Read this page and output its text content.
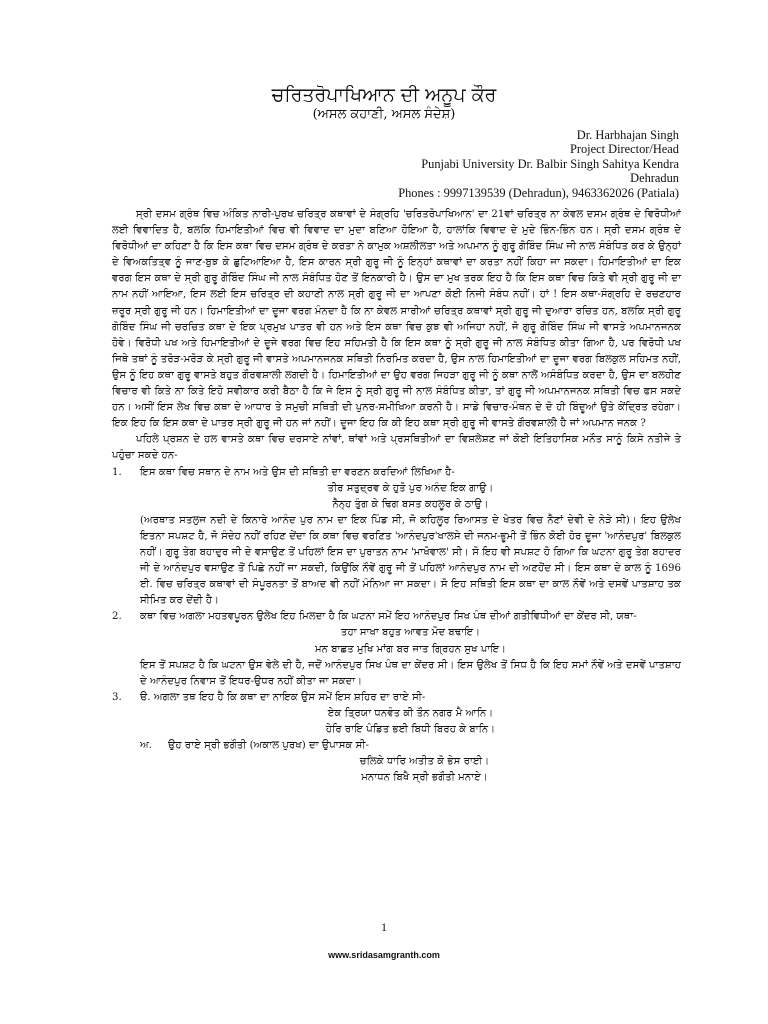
ਚਰਿਤਰੋਪਾਖਿਆਨ ਦੀ ਅਨੂਪ ਕੌਰ
(ਅਸਲ ਕਹਾਣੀ, ਅਸਲ ਸੰਦੇਸ਼)
Dr. Harbhajan Singh
Project Director/Head
Punjabi University Dr. Balbir Singh Sahitya Kendra
Dehradun
Phones : 9997139539 (Dehradun), 9463362026 (Patiala)

ਸ੍ਰੀ ਦਸਮ ਗ੍ਰੰਥ ਵਿਚ ਅੰਕਿਤ ਨਾਰੀ-ਪੁਰਖ ਚਰਿਤ੍ਰ ਕਥਾਵਾਂ ਦੇ ਸੰਗ੍ਰਹਿ 'ਚਰਿਤਰੋਪਾਖਿਆਨ' ਦਾ 21ਵਾਂ ਚਰਿਤ੍ਰ ਨਾ ਕੇਵਲ ਦਸਮ ਗ੍ਰੰਥ ਦੇ ਵਿਰੋਧੀਆਂ ਲਈ ਵਿਵਾਦਿਤ ਹੈ, ਬਲਕਿ ਹਿਮਾਇਤੀਆਂ ਵਿਚ ਵੀ ਵਿਵਾਦ ਦਾ ਮੁਦਾ ਬਣਿਆ ਹੋਇਆ ਹੈ, ਹਾਲਾਂਕਿ ਵਿਵਾਦ ਦੇ ਮੁਦੇ ਭਿੰਨ-ਭਿੰਨ ਹਨ। ਸ੍ਰੀ ਦਸਮ ਗ੍ਰੰਥ ਦੇ ਵਿਰੋਧੀਆਂ ਦਾ ਕਹਿਣਾ ਹੈ ਕਿ ਇਸ ਕਥਾ ਵਿਚ ਦਸਮ ਗ੍ਰੰਥ ਦੇ ਕਰਤਾ ਨੇ ਕਾਮੁਕ ਅਸ਼ਲੀਲਤਾ ਅਤੇ ਅਪਮਾਨ ਨੂੰ ਗੁਰੂ ਗੋਬਿੰਦ ਸਿੰਘ ਜੀ ਨਾਲ ਸੰਬੰਧਿਤ ਕਰ ਕੇ ਉਨ੍ਹਾਂ ਦੇ ਵਿਅਕਤਿਤ੍ਵ ਨੂੰ ਜਾਣ-ਬੁਝ ਕੇ ਛੁਟਿਆਇਆ ਹੈ, ਇਸ ਕਾਰਨ ਸ੍ਰੀ ਗੁਰੂ ਜੀ ਨੂੰ ਇਨ੍ਹਾਂ ਕਥਾਵਾਂ ਦਾ ਕਰਤਾ ਨਹੀਂ ਕਿਹਾ ਜਾ ਸਕਦਾ। ਹਿਮਾਇਤੀਆਂ ਦਾ ਇਕ ਵਰਗ ਇਸ ਕਥਾ ਦੇ ਸ੍ਰੀ ਗੁਰੂ ਗੋਬਿੰਦ ਸਿੰਘ ਜੀ ਨਾਲ ਸੰਬੰਧਿਤ ਹੋਣ ਤੋਂ ਇਨਕਾਰੀ ਹੈ। ਉਸ ਦਾ ਮੁਖ ਤਰਕ ਇਹ ਹੈ ਕਿ ਇਸ ਕਥਾ ਵਿਚ ਕਿਤੇ ਵੀ ਸ੍ਰੀ ਗੁਰੂ ਜੀ ਦਾ ਨਾਮ ਨਹੀਂ ਆਇਆ, ਇਸ ਲਈ ਇਸ ਚਰਿਤ੍ਰ ਦੀ ਕਹਾਣੀ ਨਾਲ ਸ੍ਰੀ ਗੁਰੂ ਜੀ ਦਾ ਆਪਣਾ ਕੋਈ ਨਿਜੀ ਸੰਬੰਧ ਨਹੀਂ। ਹਾਂ ! ਇਸ ਕਥਾ-ਸੰਗ੍ਰਹਿ ਦੇ ਰਚਣਹਾਰ ਜ਼ਰੂਰ ਸ੍ਰੀ ਗੁਰੂ ਜੀ ਹਨ। ਹਿਮਾਇਤੀਆਂ ਦਾ ਦੂਜਾ ਵਰਗ ਮੰਨਦਾ ਹੈ ਕਿ ਨਾ ਕੇਵਲ ਸਾਰੀਆਂ ਚਰਿਤ੍ਰ ਕਥਾਵਾਂ ਸ੍ਰੀ ਗੁਰੂ ਜੀ ਦੁਆਰਾ ਰਚਿਤ ਹਨ, ਬਲਕਿ ਸ੍ਰੀ ਗੁਰੂ ਗੋਬਿੰਦ ਸਿੰਘ ਜੀ ਚਰਚਿਤ ਕਥਾ ਦੇ ਇਕ ਪ੍ਰਮੁਖ ਪਾਤਰ ਵੀ ਹਨ ਅਤੇ ਇਸ ਕਥਾ ਵਿਚ ਕੁਝ ਵੀ ਅਜਿਹਾ ਨਹੀਂ, ਜੋ ਗੁਰੂ ਗੋਬਿੰਦ ਸਿੰਘ ਜੀ ਵਾਸਤੇ ਅਪਮਾਨਜਨਕ ਹੋਵੇ। ਵਿਰੋਧੀ ਪਖ ਅਤੇ ਹਿਮਾਇਤੀਆਂ ਦੇ ਦੂਜੇ ਵਰਗ ਵਿਚ ਇਹ ਸਹਿਮਤੀ ਹੈ ਕਿ ਇਸ ਕਥਾ ਨੂੰ ਸ੍ਰੀ ਗੁਰੂ ਜੀ ਨਾਲ ਸੰਬੰਧਿਤ ਕੀਤਾ ਗਿਆ ਹੈ, ਪਰ ਵਿਰੋਧੀ ਪਖ ਜਿਥੇ ਤਥਾਂ ਨੂੰ ਤਰੋੜ-ਮਰੋੜ ਕੇ ਸ੍ਰੀ ਗੁਰੂ ਜੀ ਵਾਸਤੇ ਅਪਮਾਨਜਨਕ ਸਥਿਤੀ ਨਿਰਮਿਤ ਕਰਦਾ ਹੈ, ਉਸ ਨਾਲ ਹਿਮਾਇਤੀਆਂ ਦਾ ਦੂਜਾ ਵਰਗ ਬਿਲਕੁਲ ਸਹਿਮਤ ਨਹੀਂ, ਉਸ ਨੂੰ ਇਹ ਕਥਾ ਗੁਰੂ ਵਾਸਤੇ ਬਹੁਤ ਗੌਰਵਸ਼ਾਲੀ ਲਗਦੀ ਹੈ। ਹਿਮਾਇਤੀਆਂ ਦਾ ਉਹ ਵਰਗ ਜਿਹੜਾ ਗੁਰੂ ਜੀ ਨੂੰ ਕਥਾ ਨਾਲੋਂ ਅਸੰਬੰਧਿਤ ਕਰਦਾ ਹੈ, ਉਸ ਦਾ ਬਲਹੀਣ ਵਿਚਾਰ ਵੀ ਕਿਤੇ ਨਾ ਕਿਤੇ ਇਹੋ ਸਵੀਕਾਰ ਕਰੀ ਬੈਠਾ ਹੈ ਕਿ ਜੇ ਇਸ ਨੂੰ ਸ੍ਰੀ ਗੁਰੂ ਜੀ ਨਾਲ ਸੰਬੰਧਿਤ ਕੀਤਾ, ਤਾਂ ਗੁਰੂ ਜੀ ਅਪਮਾਨਜਨਕ ਸਥਿਤੀ ਵਿਚ ਫਸ ਸਕਦੇ ਹਨ। ਅਸੀਂ ਇਸ ਲੇਖ ਵਿਚ ਕਥਾ ਦੇ ਆਧਾਰ ਤੇ ਸਮੁਚੀ ਸਥਿਤੀ ਦੀ ਪੁਨਰ-ਸਮੀਖਿਆ ਕਰਨੀ ਹੈ। ਸਾਡੇ ਵਿਚਾਰ-ਮੰਥਨ ਦੇ ਦੋ ਹੀ ਬਿੰਦੂਆਂ ਉਤੇ ਕੇਂਦ੍ਰਿਤ ਰਹੇਗਾ। ਇਕ ਇਹ ਕਿ ਇਸ ਕਥਾ ਦੇ ਪਾਤਰ ਸ੍ਰੀ ਗੁਰੂ ਜੀ ਹਨ ਜਾਂ ਨਹੀਂ। ਦੂਜਾ ਇਹ ਕਿ ਕੀ ਇਹ ਕਥਾ ਸ੍ਰੀ ਗੁਰੂ ਜੀ ਵਾਸਤੇ ਗੌਰਵਸ਼ਾਲੀ ਹੈ ਜਾਂ ਅਪਮਾਨ ਜਨਕ ?

ਪਹਿਲੇ ਪ੍ਰਸ਼ਨ ਦੇ ਹਲ ਵਾਸਤੇ ਕਥਾ ਵਿਚ ਦਰਸਾਏ ਨਾਂਵਾਂ, ਥਾਂਵਾਂ ਅਤੇ ਪ੍ਰਸਥਿਤੀਆਂ ਦਾ ਵਿਸ਼ਲੇਸ਼ਣ ਜਾਂ ਕੋਈ ਇਤਿਹਾਸਿਕ ਮਨੌਤ ਸਾਨੂੰ ਕਿਸੇ ਨਤੀਜੇ ਤੇ ਪਹੁੰਚਾ ਸਕਦੇ ਹਨ-

1. ਇਸ ਕਥਾ ਵਿਚ ਸਥਾਨ ਦੇ ਨਾਮ ਅਤੇ ਉਸ ਦੀ ਸਥਿਤੀ ਦਾ ਵਰਣਨ ਕਰਦਿਆਂ ਲਿਖਿਆ ਹੈ-

ਤੀਰ ਸਤੁਦ੍ਰਵ ਕੇ ਹੁਤੋ ਪੁਰ ਅਨੰਦ ਇਕ ਗਾਉ।
ਨੈਨ੍ਹ ਤੁੰਗ ਕੇ ਢਿਗ ਬਸਤ ਕਹਲੂਰ ਕੇ ਠਾਉ।

(ਅਰਥਾਤ ਸਤਲੁਜ ਨਦੀ ਦੇ ਕਿਨਾਰੇ ਆਨੰਦ ਪੁਰ ਨਾਮ ਦਾ ਇਕ ਪਿੰਡ ਸੀ, ਜੋ ਕਹਿਲੂਰ ਰਿਆਸਤ ਦੇ ਖੇਤਰ ਵਿਚ ਨੈਣਾਂ ਦੇਵੀ ਦੇ ਨੇੜੇ ਸੀ)। ਇਹ ਉਲੇਖ ਇਤਨਾ ਸਪਸ਼ਟ ਹੈ, ਜੋ ਸੰਦੇਹ ਨਹੀਂ ਰਹਿਣ ਦੇਂਦਾ ਕਿ ਕਥਾ ਵਿਚ ਵਰਣਿਤ 'ਆਨੰਦਪੁਰ'ਖਾਲਸੇ ਦੀ ਜਨਮ-ਭੂਮੀ ਤੋਂ ਭਿੰਨ ਕੋਈ ਹੋਰ ਦੂਜਾ 'ਆਨੰਦਪੁਰ' ਬਿਲਕੁਲ ਨਹੀਂ। ਗੁਰੂ ਤੇਗ ਬਹਾਦੁਰ ਜੀ ਦੇ ਵਸਾਉਣ ਤੋਂ ਪਹਿਲਾਂ ਇਸ ਦਾ ਪੁਰਾਤਨ ਨਾਮ 'ਮਾਖੋਵਾਲ' ਸੀ। ਸੋ ਇਹ ਵੀ ਸਪਸ਼ਟ ਹੋ ਗਿਆ ਕਿ ਘਟਨਾ ਗੁਰੂ ਤੇਗ ਬਹਾਦਰ ਜੀ ਦੇ ਆਨੰਦਪੁਰ ਵਸਾਉਣ ਤੋਂ ਪਿਛੇ ਨਹੀਂ ਜਾ ਸਕਦੀ, ਕਿਉਂਕਿ ਨੌਵੇਂ ਗੁਰੂ ਜੀ ਤੋਂ ਪਹਿਲਾਂ ਆਨੰਦਪੁਰ ਨਾਮ ਦੀ ਅਣਹੋਂਦ ਸੀ। ਇਸ ਕਥਾ ਦੇ ਕਾਲ ਨੂੰ 1696 ਈ. ਵਿਚ ਚਰਿਤ੍ਰ ਕਥਾਵਾਂ ਦੀ ਸੰਪੂਰਨਤਾ ਤੋਂ ਬਾਅਦ ਵੀ ਨਹੀਂ ਮੰਨਿਆ ਜਾ ਸਕਦਾ। ਸੋ ਇਹ ਸਥਿਤੀ ਇਸ ਕਥਾ ਦਾ ਕਾਲ ਨੌਵੇਂ ਅਤੇ ਦਸਵੇਂ ਪਾਤਸ਼ਾਹ ਤਕ ਸੀਮਿਤ ਕਰ ਦੇਂਦੀ ਹੈ।

2. ਕਥਾ ਵਿਚ ਅਗਲਾ ਮਹਤਵਪੂਰਨ ਉਲੇਖ ਇਹ ਮਿਲਦਾ ਹੈ ਕਿ ਘਟਨਾ ਸਮੇਂ ਇਹ ਆਨੰਦਪੁਰ ਸਿਖ ਪੰਥ ਦੀਆਂ ਗਤੀਵਿਧੀਆਂ ਦਾ ਕੇਂਦਰ ਸੀ, ਯਥਾ-

ਤਹਾ ਸਾਖਾ ਬਹੁਤ ਆਵਤ ਮੋਦ ਬਢਾਇ।
ਮਨ ਬਾਛਤ ਮੁਖਿ ਮਾਂਗ ਬਰ ਜਾਤ ਗ੍ਰਿਹਨ ਸੁਖ ਪਾਇ।

ਇਸ ਤੋਂ ਸਪਸ਼ਟ ਹੈ ਕਿ ਘਟਨਾ ਉਸ ਵੇਲੇ ਦੀ ਹੈ, ਜਦੋਂ ਆਨੰਦਪੁਰ ਸਿਖ ਪੰਥ ਦਾ ਕੇਂਦਰ ਸੀ। ਇਸ ਉਲੇਖ ਤੋਂ ਸਿਧ ਹੈ ਕਿ ਇਹ ਸਮਾਂ ਨੌਵੇਂ ਅਤੇ ਦਸਵੇਂ ਪਾਤਸ਼ਾਹ ਦੇ ਆਨੰਦਪੁਰ ਨਿਵਾਸ ਤੋਂ ਇਧਰ-ਉਧਰ ਨਹੀਂ ਕੀਤਾ ਜਾ ਸਕਦਾ।

3. ੳ. ਅਗਲਾ ਤਥ ਇਹ ਹੈ ਕਿ ਕਥਾ ਦਾ ਨਾਇਕ ਉਸ ਸਮੇਂ ਇਸ ਸ਼ਹਿਰ ਦਾ ਰਾਏ ਸੀ-

ਏਕ ਤ੍ਰਿਯਾ ਧਨਵੰਤ ਕੀ ਤੌਨ ਨਗਰ ਮੈ ਆਨਿ।
ਹੇਰਿ ਰਾਇ ਪੰਡਿਤ ਭਈ ਬਿਧੀ ਬਿਰਹ ਕੇ ਬਾਨਿ।
ਅ. ਉਹ ਰਾਏ ਸ੍ਰੀ ਭਗੌਤੀ (ਅਕਾਲ ਪੁਰਖ) ਦਾ ਉਪਾਸਕ ਸੀ-

ਚਲਿਕੇ ਧਾਰਿ ਅਤੀਤ ਕੋ ਭੇਸ ਰਾਈ।
ਮਨਾਧਨ ਬਿਖੈ ਸ੍ਰੀ ਭਗੌਤੀ ਮਨਾਏ।
1
www.sridasamgranth.com
